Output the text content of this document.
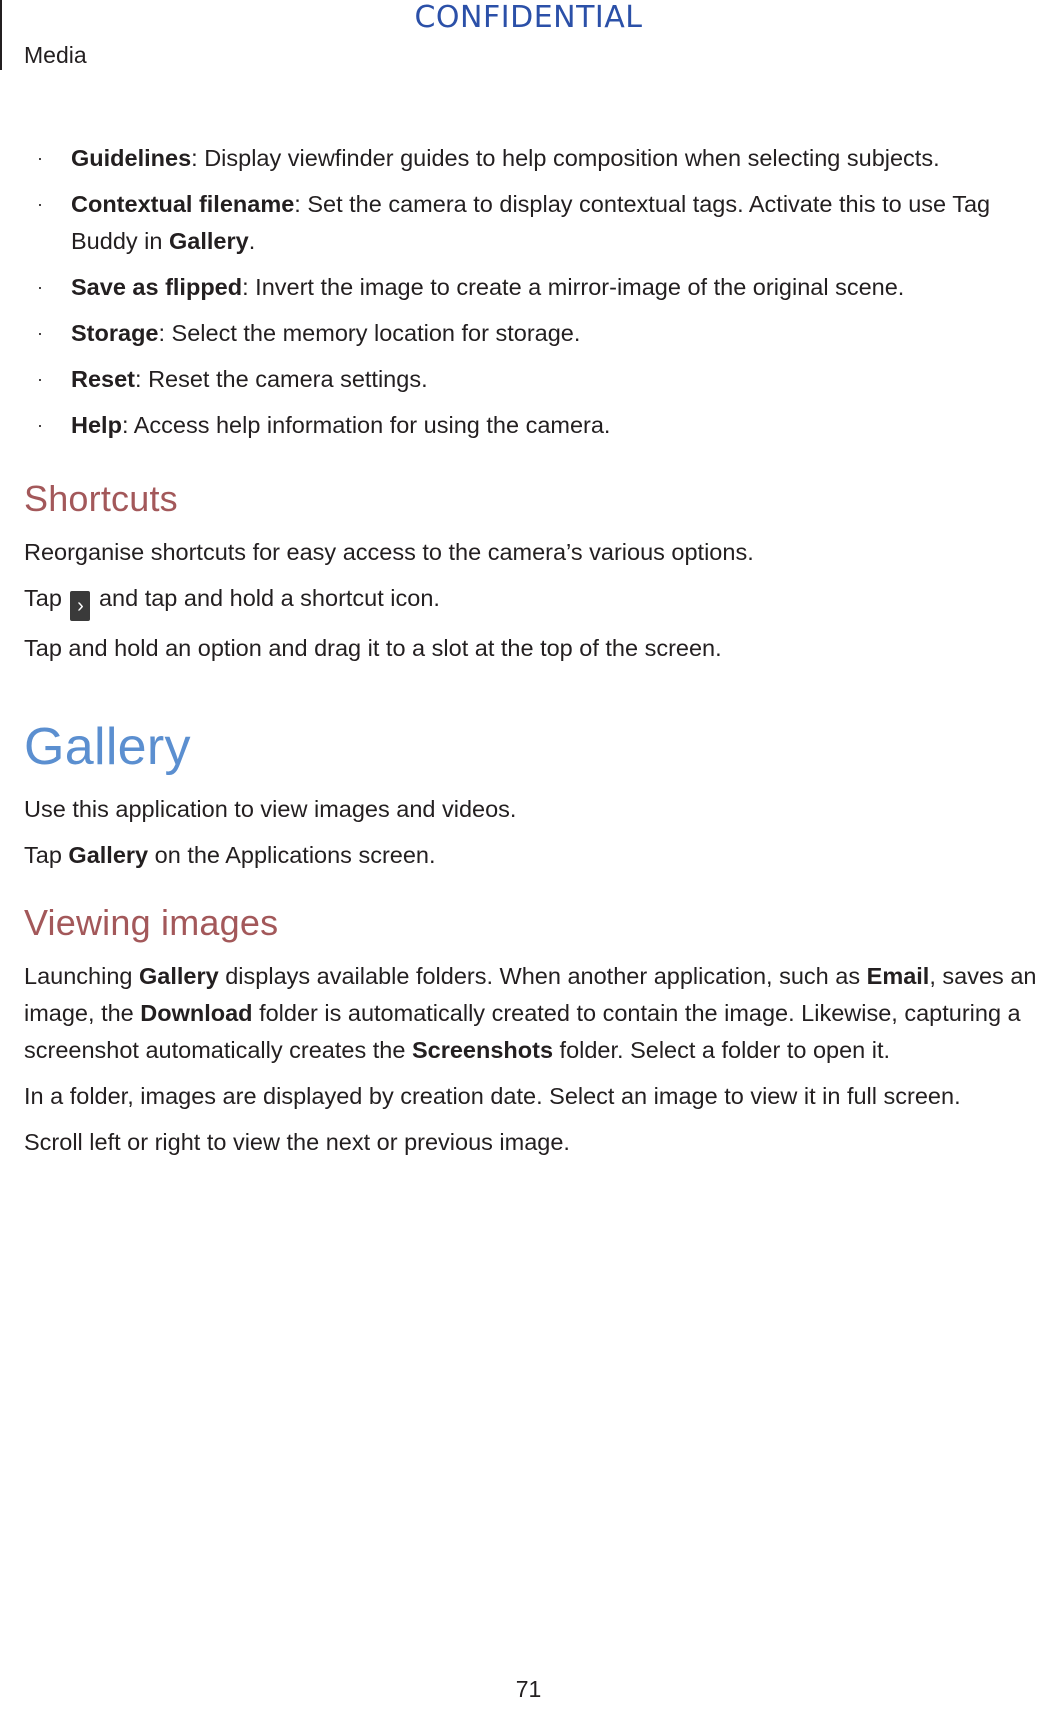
CONFIDENTIAL
Media
· Guidelines: Display viewfinder guides to help composition when selecting subjects.
· Contextual filename: Set the camera to display contextual tags. Activate this to use Tag Buddy in Gallery.
· Save as flipped: Invert the image to create a mirror-image of the original scene.
· Storage: Select the memory location for storage.
· Reset: Reset the camera settings.
· Help: Access help information for using the camera.
Shortcuts

Reorganise shortcuts for easy access to the camera’s various options.

Tap › and tap and hold a shortcut icon.

Tap and hold an option and drag it to a slot at the top of the screen.

Gallery

Use this application to view images and videos.

Tap Gallery on the Applications screen.

Viewing images

Launching Gallery displays available folders. When another application, such as Email, saves an image, the Download folder is automatically created to contain the image. Likewise, capturing a screenshot automatically creates the Screenshots folder. Select a folder to open it.

In a folder, images are displayed by creation date. Select an image to view it in full screen.

Scroll left or right to view the next or previous image.

71
